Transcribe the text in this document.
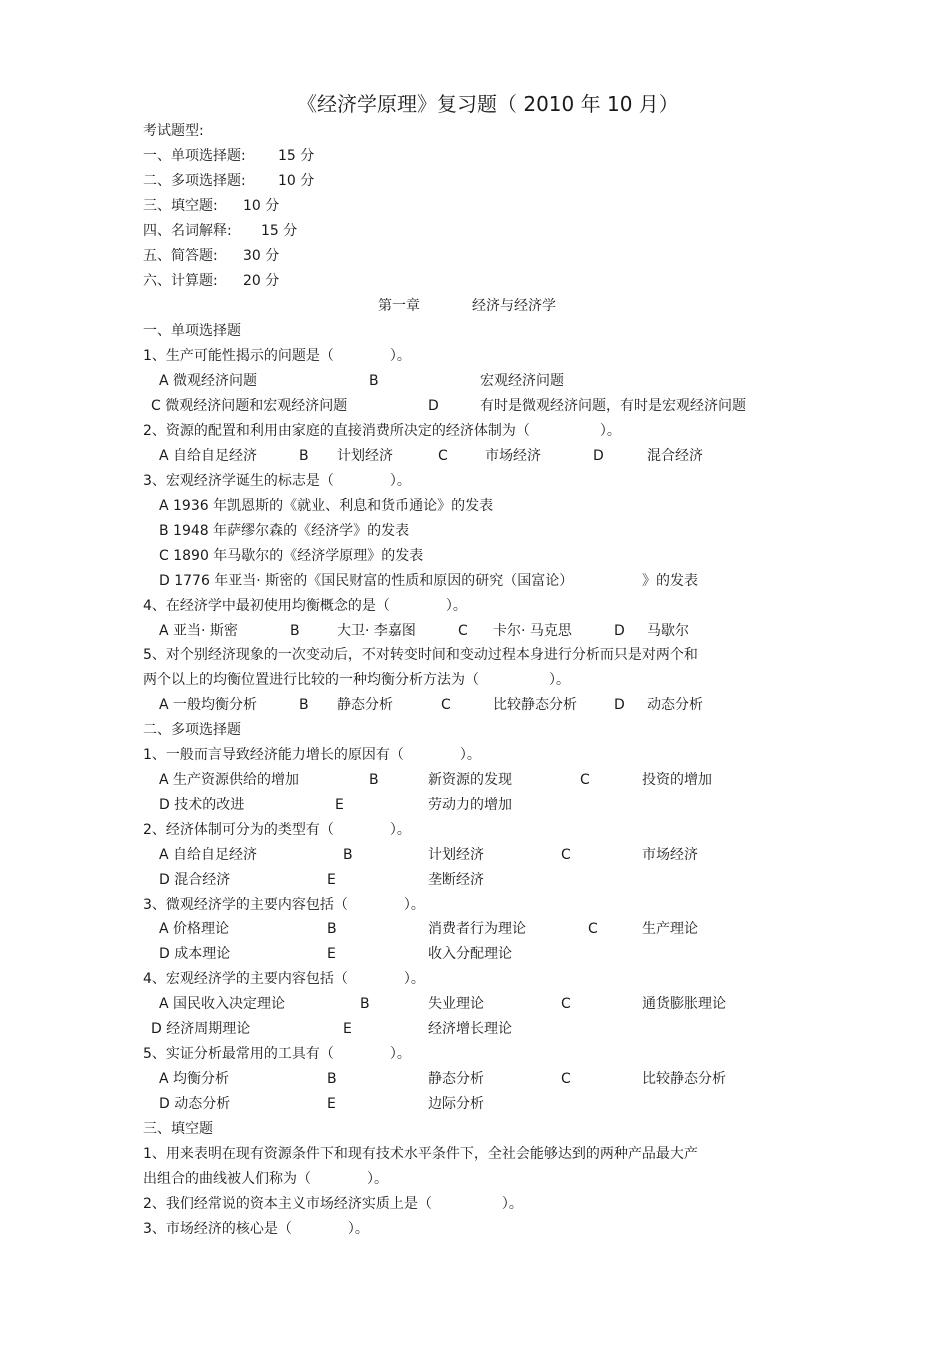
《经济学原理》复习题（ 2010 年 10 月）
考试题型:
一、单项选择题: 15 分
二、多项选择题: 10 分
三、填空题: 10 分
四、名词解释: 15 分
五、简答题: 30 分
六、计算题: 20 分
第一章	经济与经济学
一、单项选择题
1、生产可能性揭示的问题是（　　　　）。
A 微观经济问题	B	宏观经济问题
C 微观经济问题和宏观经济问题	D	有时是微观经济问题，有时是宏观经济问题
2、资源的配置和利用由家庭的直接消费所决定的经济体制为（　　　　　）。
A 自给自足经济	B 计划经济	C	市场经济	D	混合经济
3、宏观经济学诞生的标志是（　　　　）。
A 1936 年凯恩斯的《就业、利息和货币通论》的发表
B 1948 年萨缪尔森的《经济学》的发表
C 1890 年马歇尔的《经济学原理》的发表
D 1776 年亚当· 斯密的《国民财富的性质和原因的研究（国富论）	》的发表
4、在经济学中最初使用均衡概念的是（　　　　）。
A 亚当· 斯密	B	大卫· 李嘉图	C 卡尔· 马克思	D 马歇尔
5、对个别经济现象的一次变动后，不对转变时间和变动过程本身进行分析而只是对两个和
两个以上的均衡位置进行比较的一种均衡分析方法为（　　　　　）。
A 一般均衡分析	B 静态分析	C	比较静态分析	D 动态分析
二、多项选择题
1、一般而言导致经济能力增长的原因有（　　　　）。
A 生产资源供给的增加	B	新资源的发现	C	投资的增加
D 技术的改进	E	劳动力的增加
2、经济体制可分为的类型有（　　　　）。
A 自给自足经济	B	计划经济	C	市场经济
D 混合经济	E	垄断经济
3、微观经济学的主要内容包括（　　　　）。
A 价格理论	B	消费者行为理论	C	生产理论
D 成本理论	E	收入分配理论
4、宏观经济学的主要内容包括（　　　　）。
A 国民收入决定理论	B	失业理论	C	通货膨胀理论
D 经济周期理论	E	经济增长理论
5、实证分析最常用的工具有（　　　　）。
A 均衡分析	B	静态分析	C	比较静态分析
D 动态分析	E	边际分析
三、填空题
1、用来表明在现有资源条件下和现有技术水平条件下，全社会能够达到的两种产品最大产
出组合的曲线被人们称为（　　　　）。
2、我们经常说的资本主义市场经济实质上是（　　　　　）。
3、市场经济的核心是（　　　　）。
